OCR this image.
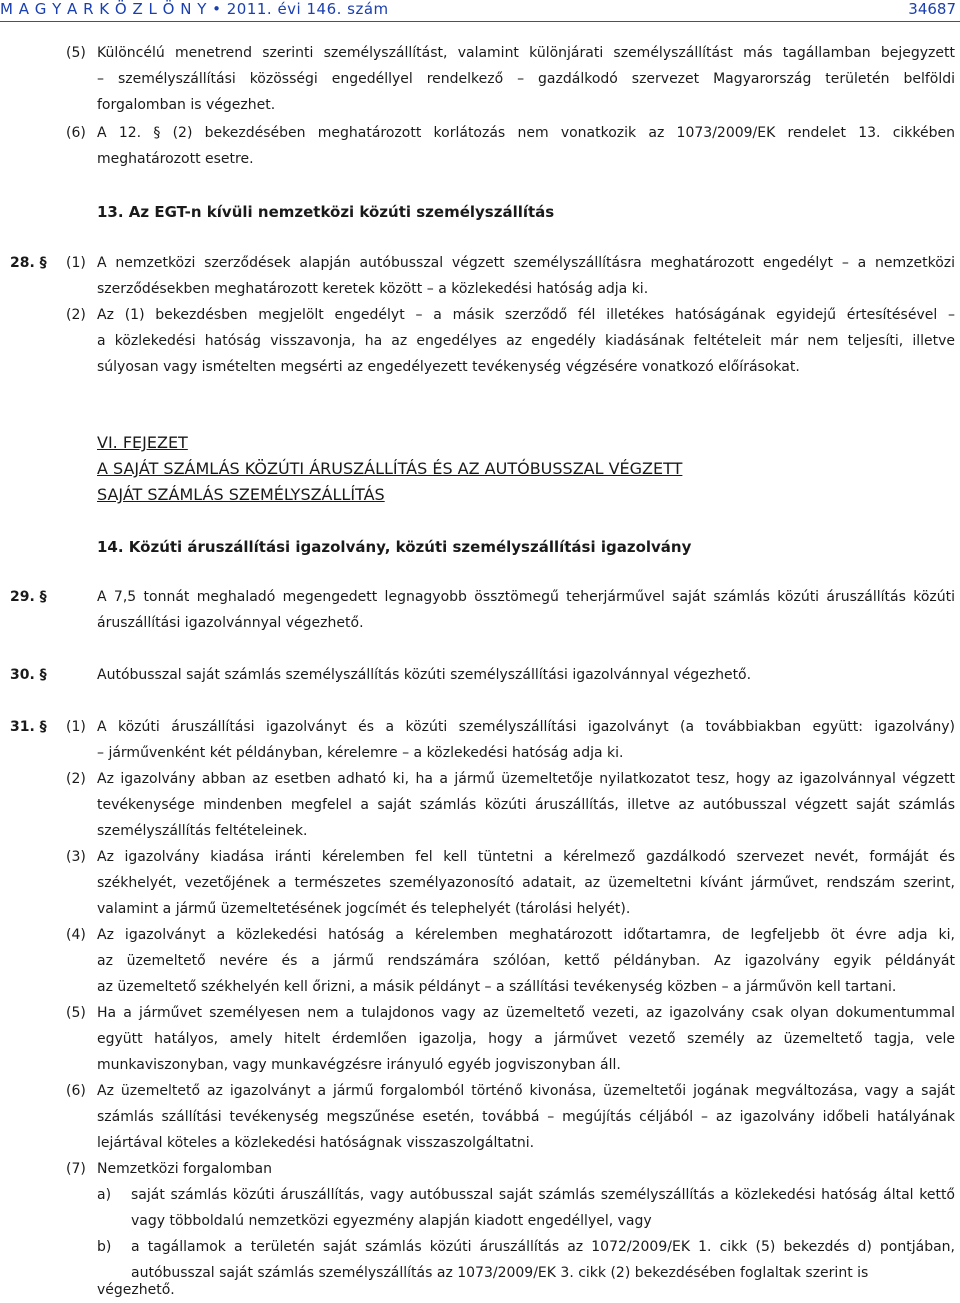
M A G Y A R K Ö Z L Ö N Y • 2011. évi 146. szám	34687
(5) Különcélú menetrend szerinti személyszállítást, valamint különjárati személyszállítást más tagállamban bejegyzett
– személyszállítási közösségi engedéllyel rendelkező – gazdálkodó szervezet Magyarország területén belföldi
forgalomban is végezhet.
(6) A 12. § (2) bekezdésében meghatározott korlátozás nem vonatkozik az 1073/2009/EK rendelet 13. cikkében
meghatározott esetre.
13. Az EGT-n kívüli nemzetközi közúti személyszállítás
28. § (1) A nemzetközi szerződések alapján autóbusszal végzett személyszállításra meghatározott engedélyt – a nemzetközi
szerződésekben meghatározott keretek között – a közlekedési hatóság adja ki.
(2) Az (1) bekezdésben megjelölt engedélyt – a másik szerződő fél illetékes hatóságának egyidejű értesítésével –
a közlekedési hatóság visszavonja, ha az engedélyes az engedély kiadásának feltételeit már nem teljesíti, illetve
súlyosan vagy ismételten megsérti az engedélyezett tevékenység végzésére vonatkozó előírásokat.
VI. FEJEZET
A SAJÁT SZÁMLÁS KÖZÚTI ÁRUSZÁLLÍTÁS ÉS AZ AUTÓBUSSZAL VÉGZETT
SAJÁT SZÁMLÁS SZEMÉLYSZÁLLÍTÁS
14. Közúti áruszállítási igazolvány, közúti személyszállítási igazolvány
29. §	A 7,5 tonnát meghaladó megengedett legnagyobb össztömegű teherjárművel saját számlás közúti áruszállítás közúti
áruszállítási igazolvánnyal végezhető.
30. §	Autóbusszal saját számlás személyszállítás közúti személyszállítási igazolvánnyal végezhető.
31. § (1) A közúti áruszállítási igazolványt és a közúti személyszállítási igazolványt (a továbbiakban együtt: igazolvány)
– járművenként két példányban, kérelemre – a közlekedési hatóság adja ki.
(2) Az igazolvány abban az esetben adható ki, ha a jármű üzemeltetője nyilatkozatot tesz, hogy az igazolvánnyal végzett
tevékenysége mindenben megfelel a saját számlás közúti áruszállítás, illetve az autóbusszal végzett saját számlás
személyszállítás feltételeinek.
(3) Az igazolvány kiadása iránti kérelemben fel kell tüntetni a kérelmező gazdálkodó szervezet nevét, formáját és
székhelyét, vezetőjének a természetes személyazonosító adatait, az üzemeltetni kívánt járművet, rendszám szerint,
valamint a jármű üzemeltetésének jogcímét és telephelyét (tárolási helyét).
(4) Az igazolványt a közlekedési hatóság a kérelemben meghatározott időtartamra, de legfeljebb öt évre adja ki,
az üzemeltető nevére és a jármű rendszámára szólóan, kettő példányban. Az igazolvány egyik példányát
az üzemeltető székhelyén kell őrizni, a másik példányt – a szállítási tevékenység közben – a járművön kell tartani.
(5) Ha a járművet személyesen nem a tulajdonos vagy az üzemeltető vezeti, az igazolvány csak olyan dokumentummal
együtt hatályos, amely hitelt érdemlően igazolja, hogy a járművet vezető személy az üzemeltető tagja, vele
munkaviszonyban, vagy munkavégzésre irányuló egyéb jogviszonyban áll.
(6) Az üzemeltető az igazolványt a jármű forgalomból történő kivonása, üzemeltetői jogának megváltozása, vagy a saját
számlás szállítási tevékenység megszűnése esetén, továbbá – megújítás céljából – az igazolvány időbeli hatályának
lejártával köteles a közlekedési hatóságnak visszaszolgáltatni.
(7) Nemzetközi forgalomban
a) saját számlás közúti áruszállítás, vagy autóbusszal saját számlás személyszállítás a közlekedési hatóság által kettő
vagy többoldalú nemzetközi egyezmény alapján kiadott engedéllyel, vagy
b) a tagállamok a területén saját számlás közúti áruszállítás az 1072/2009/EK 1. cikk (5) bekezdés d) pontjában,
autóbusszal saját számlás személyszállítás az 1073/2009/EK 3. cikk (2) bekezdésében foglaltak szerint is
végezhető.
